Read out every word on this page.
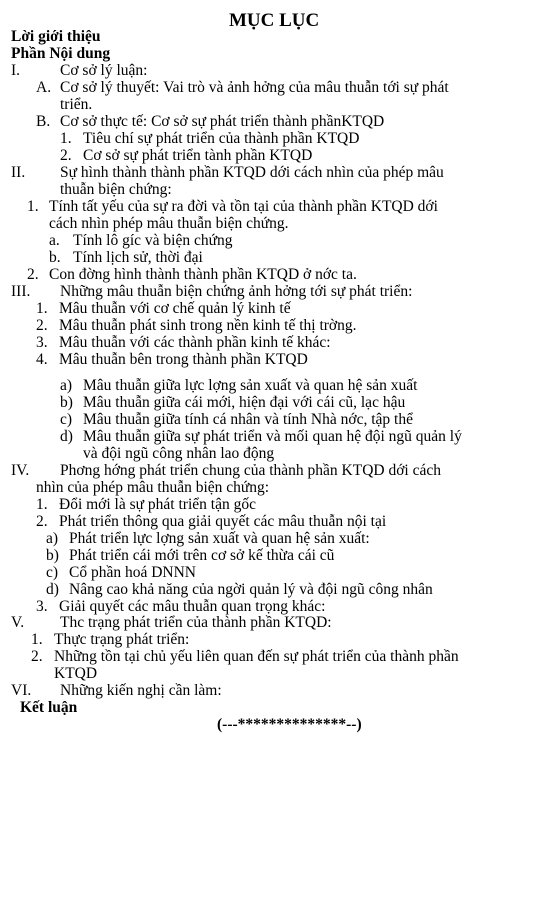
MỤC LỤC
Lời giới thiệu
Phần Nội dung
I.	Cơ sở lý luận:
A. Cơ sở lý thuyết: Vai trò và ảnh hởng của mâu thuẫn tới sự phát
triển.
B. Cơ sở thực tế: Cơ sở sự phát triển thành phầnKTQD
1. Tiêu chí sự phát triển của thành phần KTQD
2. Cơ sở sự phát triển tành phần KTQD
II. Sự hình thành thành phần KTQD dới cách nhìn của phép mâu
thuẫn biện chứng:
1. Tính tất yếu của sự ra đời và tồn tại của thành phần KTQD dới
cách nhìn phép mâu thuẫn biện chứng.
a. Tính lô gíc và biện chứng
b. Tính lịch sử, thời đại
2. Con đờng hình thành thành phần KTQD ở nớc ta.
III. Những mâu thuẫn biện chứng ảnh hởng tới sự phát triển:
1. Mâu thuẫn với cơ chế quản lý kinh tế
2. Mâu thuẫn phát sinh trong nền kinh tế thị trờng.
3. Mâu thuẫn với các thành phần kinh tế khác:
4. Mâu thuẫn bên trong thành phần KTQD
a) Mâu thuẫn giữa lực lợng sản xuất và quan hệ sản xuất
b) Mâu thuẫn giữa cái mới, hiện đại với cái cũ, lạc hậu
c) Mâu thuẫn giữa tính cá nhân và tính Nhà nớc, tập thể
d) Mâu thuẫn giữa sự phát triển và mối quan hệ đội ngũ quản lý
và đội ngũ công nhân lao động
IV. Phơng hớng phát triển chung của thành phần KTQD dới cách
nhìn của phép mâu thuẫn biện chứng:
1. Đổi mới là sự phát triển tận gốc
2. Phát triển thông qua giải quyết các mâu thuẫn nội tại
a) Phát triển lực lợng sản xuất và quan hệ sản xuất:
b) Phát triển cái mới trên cơ sở kế thừa cái cũ
c) Cổ phần hoá DNNN
d) Nâng cao khả năng của ngời quản lý và đội ngũ công nhân
3. Giải quyết các mâu thuẫn quan trọng khác:
V. Thc trạng phát triển của thành phần KTQD:
1. Thực trạng phát triển:
2. Những tồn tại chủ yếu liên quan đến sự phát triển của thành phần
KTQD
VI. Những kiến nghị cần làm:
Kết luận
(---**************--)
